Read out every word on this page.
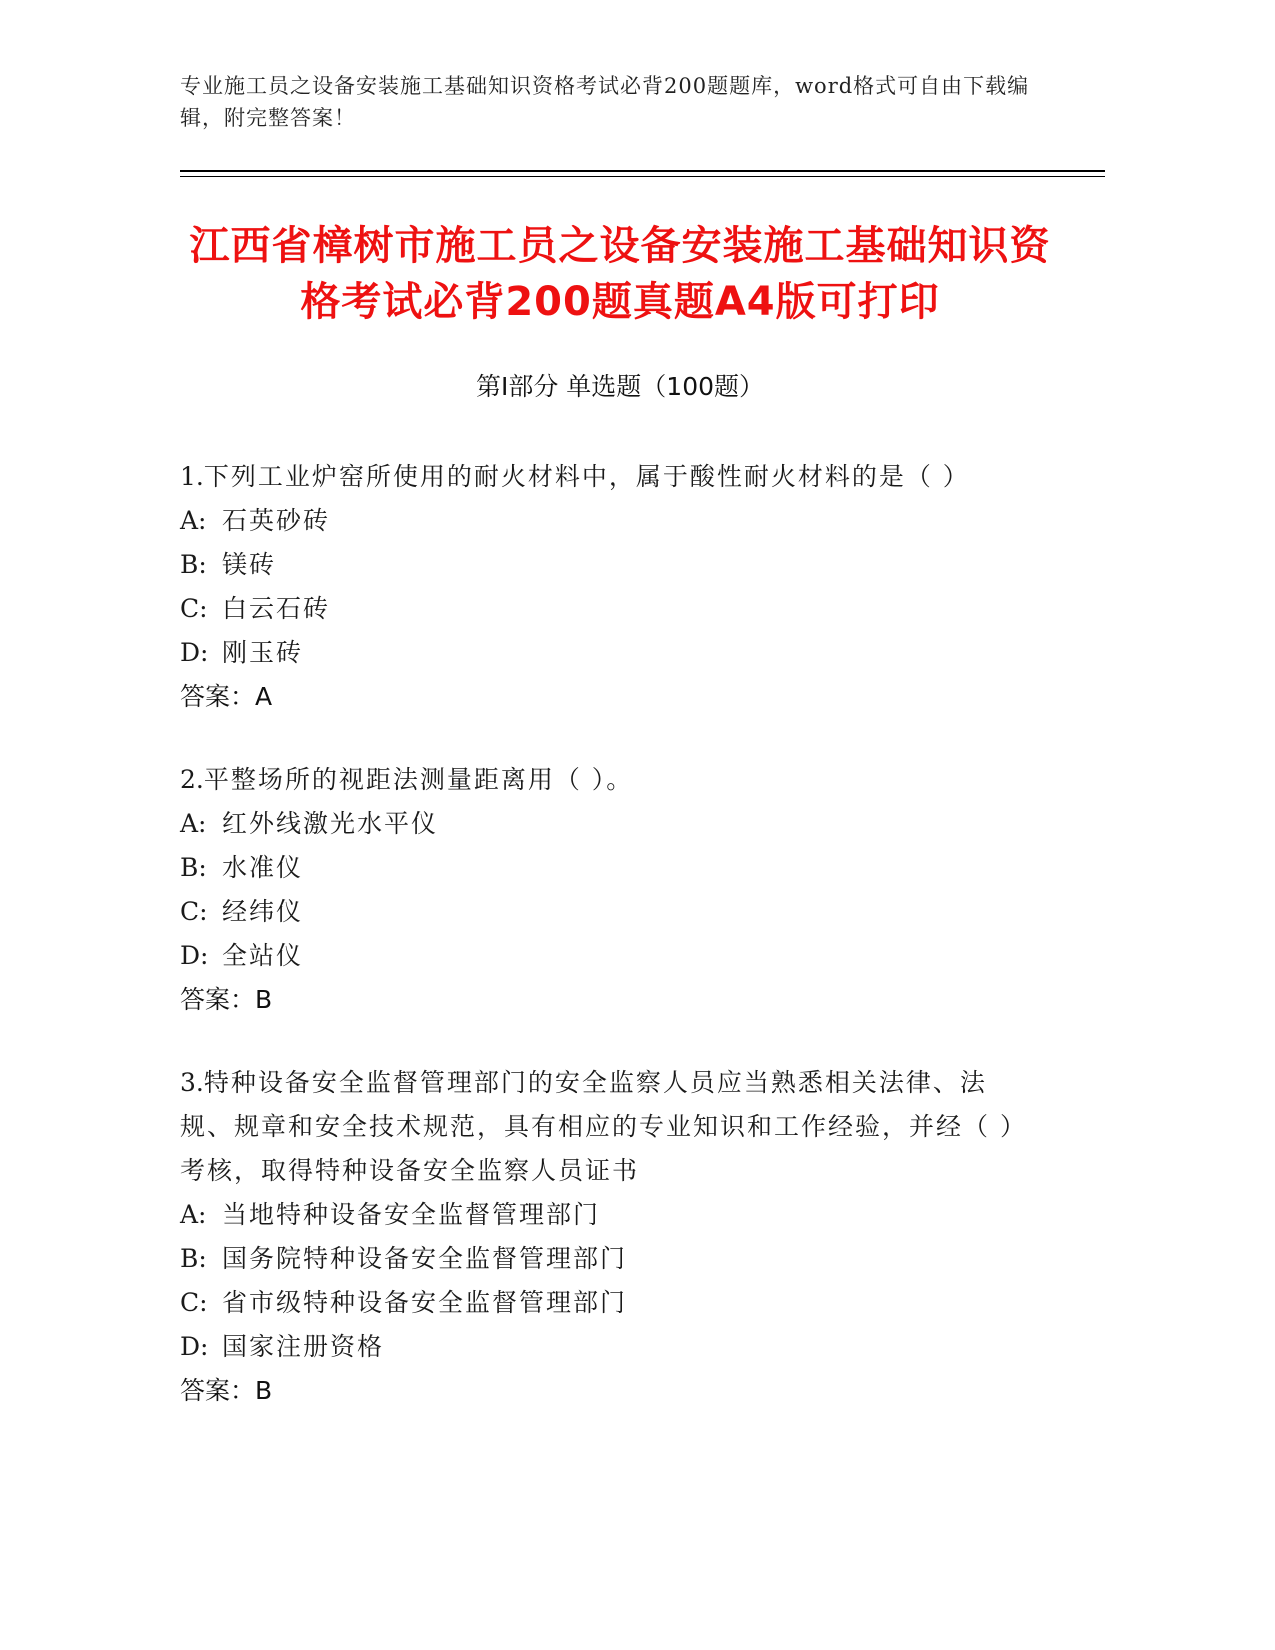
专业施工员之设备安装施工基础知识资格考试必背200题题库，word格式可自由下载编辑，附完整答案！
江西省樟树市施工员之设备安装施工基础知识资格考试必背200题真题A4版可打印
第Ⅰ部分 单选题（100题）
1.下列工业炉窑所使用的耐火材料中，属于酸性耐火材料的是（ ）
A: 石英砂砖
B: 镁砖
C: 白云石砖
D: 刚玉砖
答案：A
2.平整场所的视距法测量距离用（ ）。
A: 红外线激光水平仪
B: 水准仪
C: 经纬仪
D: 全站仪
答案：B
3.特种设备安全监督管理部门的安全监察人员应当熟悉相关法律、法规、规章和安全技术规范，具有相应的专业知识和工作经验，并经（ ）考核，取得特种设备安全监察人员证书
A: 当地特种设备安全监督管理部门
B: 国务院特种设备安全监督管理部门
C: 省市级特种设备安全监督管理部门
D: 国家注册资格
答案：B
